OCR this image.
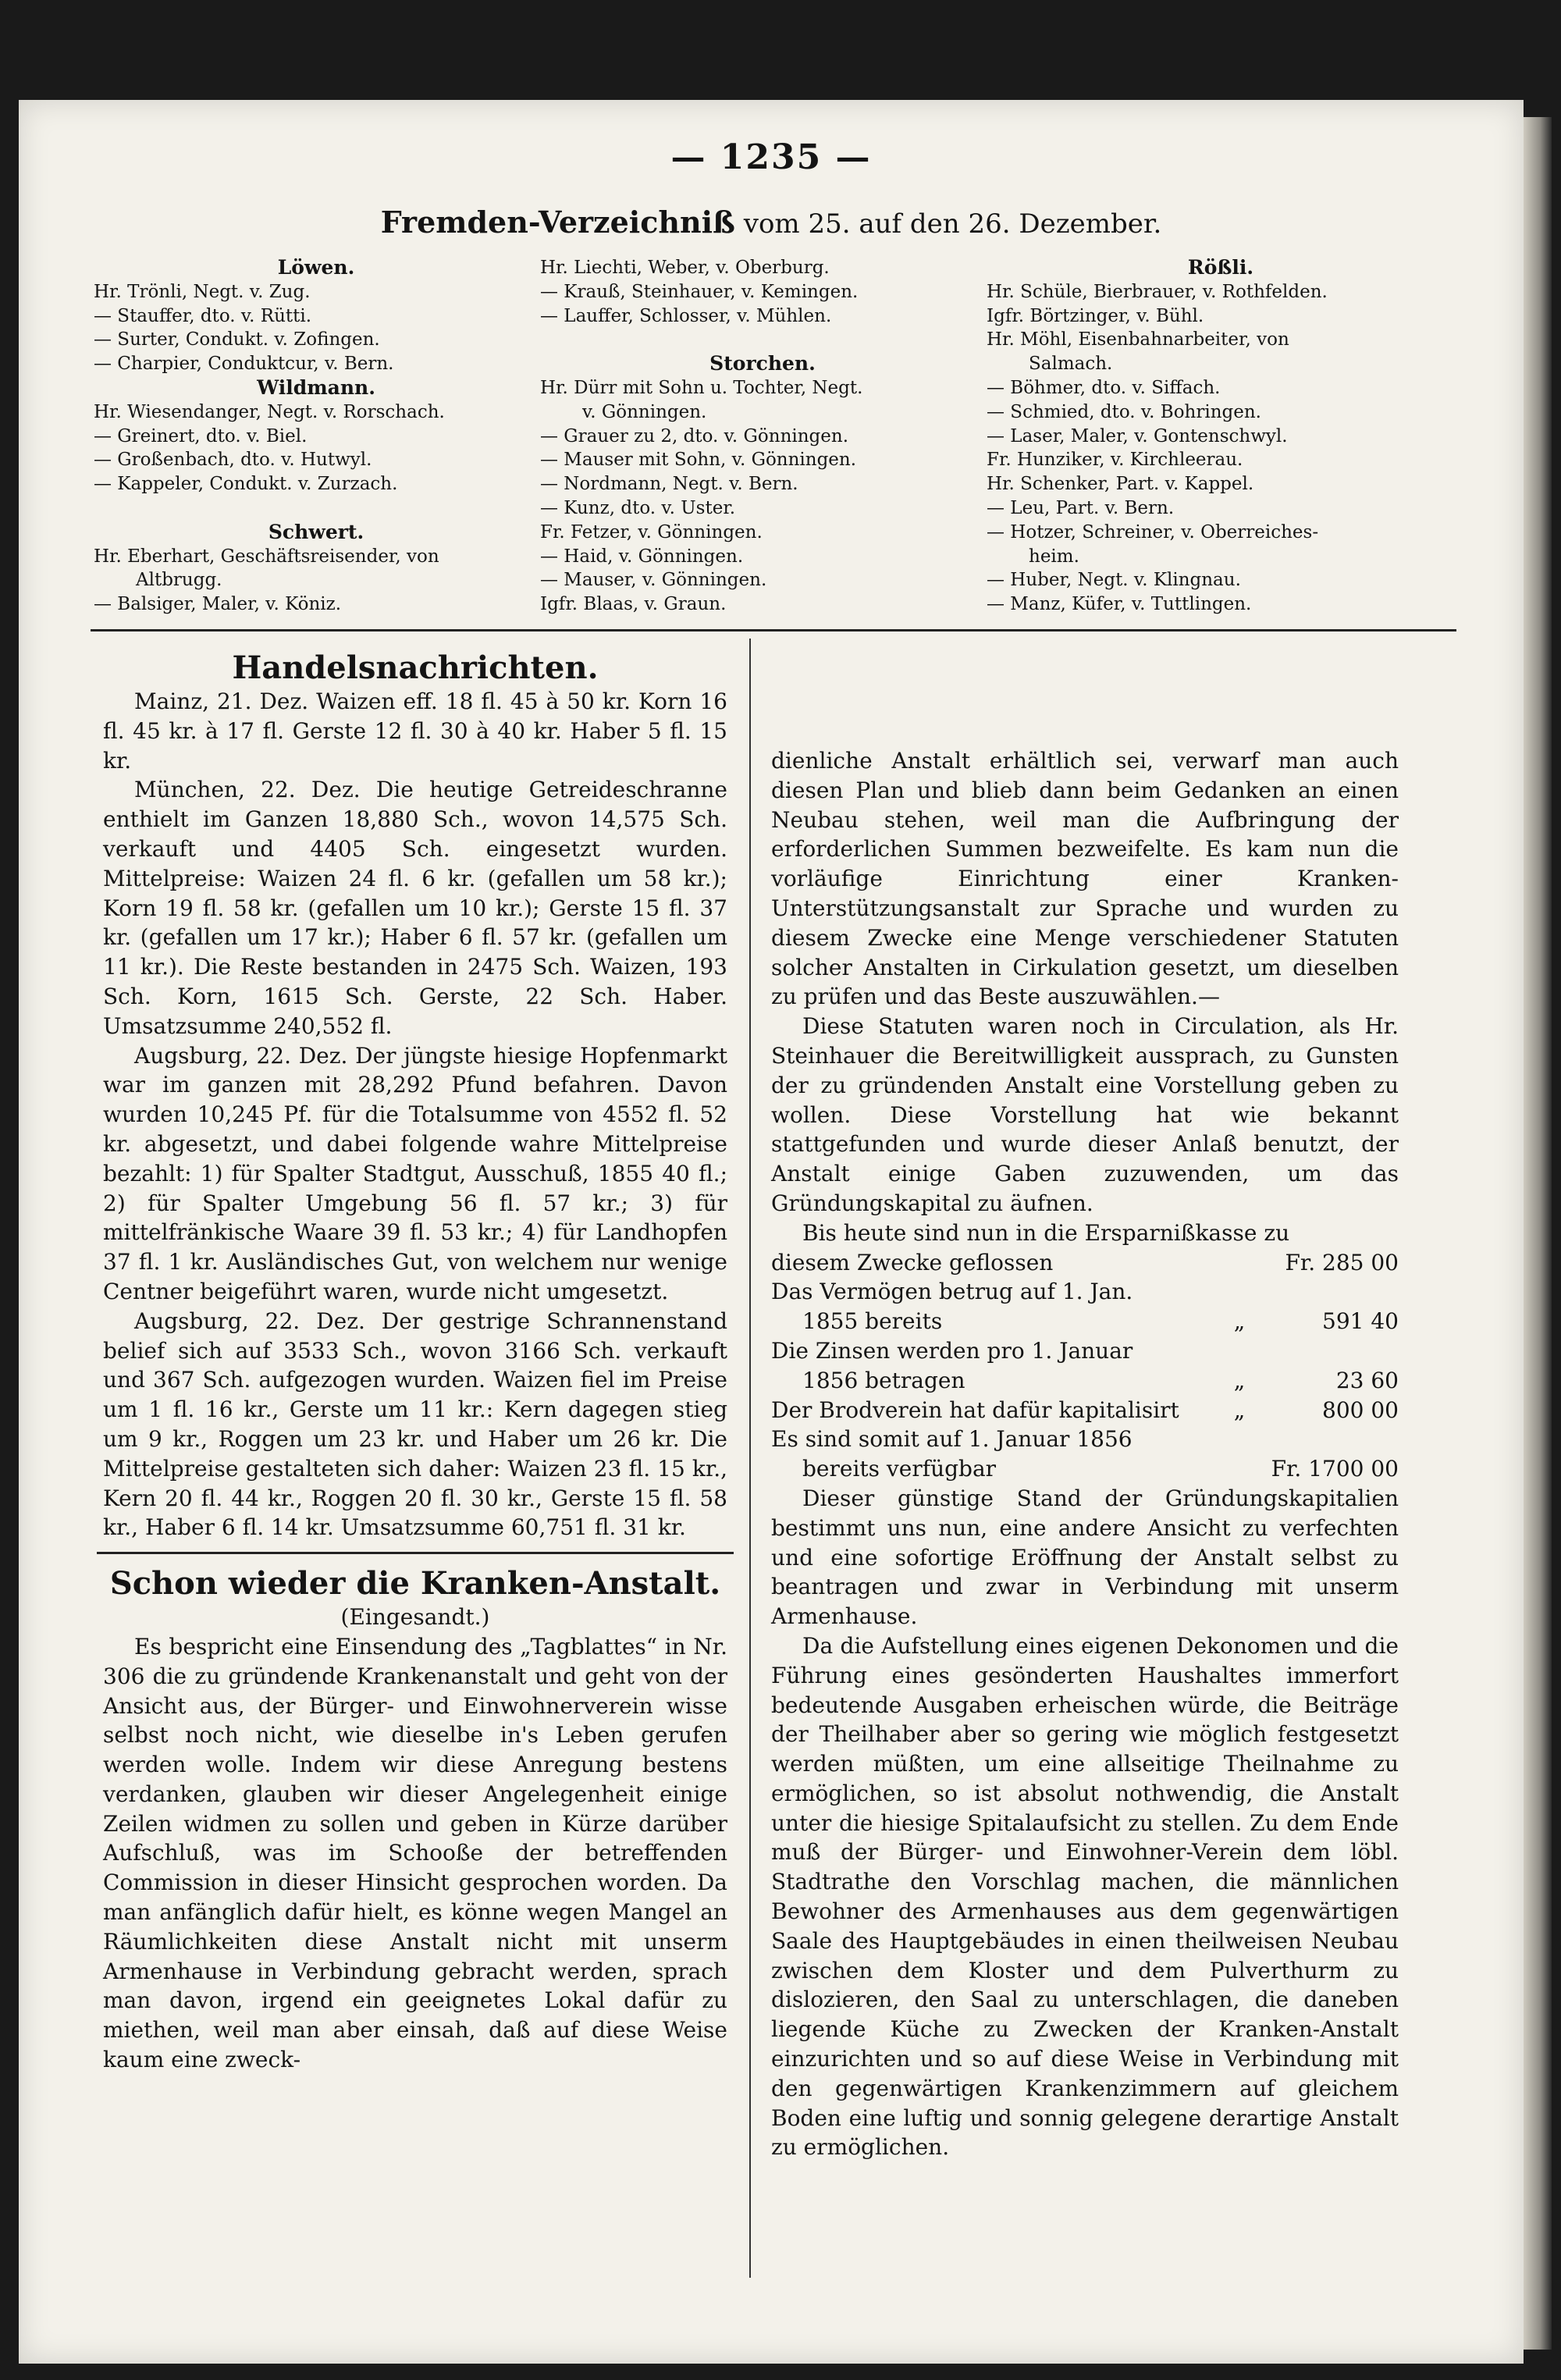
— 1235 —
Fremden-Verzeichniß vom 25. auf den 26. Dezember.
Löwen.
Hr. Trönli, Negt. v. Zug.
— Stauffer, dto. v. Rütti.
— Surter, Condukt. v. Zofingen.
— Charpier, Conduktcur, v. Bern.
Wildmann.
Hr. Wiesendanger, Negt. v. Rorschach.
— Greinert, dto. v. Biel.
— Großenbach, dto. v. Hutwyl.
— Kappeler, Condukt. v. Zurzach.

Schwert.
Hr. Eberhart, Geschäftsreisender, von
Altbrugg.
— Balsiger, Maler, v. Köniz.
Hr. Liechti, Weber, v. Oberburg.
— Krauß, Steinhauer, v. Kemingen.
— Lauffer, Schlosser, v. Mühlen.

Storchen.
Hr. Dürr mit Sohn u. Tochter, Negt.
v. Gönningen.
— Grauer zu 2, dto. v. Gönningen.
— Mauser mit Sohn, v. Gönningen.
— Nordmann, Negt. v. Bern.
— Kunz, dto. v. Uster.
Fr. Fetzer, v. Gönningen.
— Haid, v. Gönningen.
— Mauser, v. Gönningen.
Igfr. Blaas, v. Graun.
Rößli.
Hr. Schüle, Bierbrauer, v. Rothfelden.
Igfr. Börtzinger, v. Bühl.
Hr. Möhl, Eisenbahnarbeiter, von
Salmach.
— Böhmer, dto. v. Siffach.
— Schmied, dto. v. Bohringen.
— Laser, Maler, v. Gontenschwyl.
Fr. Hunziker, v. Kirchleerau.
Hr. Schenker, Part. v. Kappel.
— Leu, Part. v. Bern.
— Hotzer, Schreiner, v. Oberreiches-
heim.
— Huber, Negt. v. Klingnau.
— Manz, Küfer, v. Tuttlingen.
Handelsnachrichten.

Mainz, 21. Dez. Waizen eff. 18 fl. 45 à 50 kr. Korn 16 fl. 45 kr. à 17 fl. Gerste 12 fl. 30 à 40 kr. Haber 5 fl. 15 kr.

München, 22. Dez. Die heutige Getreideschranne enthielt im Ganzen 18,880 Sch., wovon 14,575 Sch. verkauft und 4405 Sch. eingesetzt wurden. Mittelpreise: Waizen 24 fl. 6 kr. (gefallen um 58 kr.); Korn 19 fl. 58 kr. (gefallen um 10 kr.); Gerste 15 fl. 37 kr. (gefallen um 17 kr.); Haber 6 fl. 57 kr. (gefallen um 11 kr.). Die Reste bestanden in 2475 Sch. Waizen, 193 Sch. Korn, 1615 Sch. Gerste, 22 Sch. Haber. Umsatzsumme 240,552 fl.

Augsburg, 22. Dez. Der jüngste hiesige Hopfenmarkt war im ganzen mit 28,292 Pfund befahren. Davon wurden 10,245 Pf. für die Totalsumme von 4552 fl. 52 kr. abgesetzt, und dabei folgende wahre Mittelpreise bezahlt: 1) für Spalter Stadtgut, Ausschuß, 1855 40 fl.; 2) für Spalter Umgebung 56 fl. 57 kr.; 3) für mittelfränkische Waare 39 fl. 53 kr.; 4) für Landhopfen 37 fl. 1 kr. Ausländisches Gut, von welchem nur wenige Centner beigeführt waren, wurde nicht umgesetzt.

Augsburg, 22. Dez. Der gestrige Schrannenstand belief sich auf 3533 Sch., wovon 3166 Sch. verkauft und 367 Sch. aufgezogen wurden. Waizen fiel im Preise um 1 fl. 16 kr., Gerste um 11 kr.: Kern dagegen stieg um 9 kr., Roggen um 23 kr. und Haber um 26 kr. Die Mittelpreise gestalteten sich daher: Waizen 23 fl. 15 kr., Kern 20 fl. 44 kr., Roggen 20 fl. 30 kr., Gerste 15 fl. 58 kr., Haber 6 fl. 14 kr. Umsatzsumme 60,751 fl. 31 kr.

Schon wieder die Kranken-Anstalt.
(Eingesandt.)

Es bespricht eine Einsendung des „Tagblattes“ in Nr. 306 die zu gründende Krankenanstalt und geht von der Ansicht aus, der Bürger- und Einwohnerverein wisse selbst noch nicht, wie dieselbe in's Leben gerufen werden wolle. Indem wir diese Anregung bestens verdanken, glauben wir dieser Angelegenheit einige Zeilen widmen zu sollen und geben in Kürze darüber Aufschluß, was im Schooße der betreffenden Commission in dieser Hinsicht gesprochen worden. Da man anfänglich dafür hielt, es könne wegen Mangel an Räumlichkeiten diese Anstalt nicht mit unserm Armenhause in Verbindung gebracht werden, sprach man davon, irgend ein geeignetes Lokal dafür zu miethen, weil man aber einsah, daß auf diese Weise kaum eine zweck-

dienliche Anstalt erhältlich sei, verwarf man auch diesen Plan und blieb dann beim Gedanken an einen Neubau stehen, weil man die Aufbringung der erforderlichen Summen bezweifelte. Es kam nun die vorläufige Einrichtung einer Kranken-Unterstützungsanstalt zur Sprache und wurden zu diesem Zwecke eine Menge verschiedener Statuten solcher Anstalten in Cirkulation gesetzt, um dieselben zu prüfen und das Beste auszuwählen.—

Diese Statuten waren noch in Circulation, als Hr. Steinhauer die Bereitwilligkeit aussprach, zu Gunsten der zu gründenden Anstalt eine Vorstellung geben zu wollen. Diese Vorstellung hat wie bekannt stattgefunden und wurde dieser Anlaß benutzt, der Anstalt einige Gaben zuzuwenden, um das Gründungskapital zu äufnen.

Bis heute sind nun in die Ersparnißkasse zu

diesem Zwecke geflossen	Fr. 285 00
Das Vermögen betrug auf 1. Jan.
1855 bereits	„	591 40
Die Zinsen werden pro 1. Januar
1856 betragen	„	23 60
Der Brodverein hat dafür kapitalisirt	„	800 00
Es sind somit auf 1. Januar 1856
bereits verfügbar	Fr. 1700 00

Dieser günstige Stand der Gründungskapitalien bestimmt uns nun, eine andere Ansicht zu verfechten und eine sofortige Eröffnung der Anstalt selbst zu beantragen und zwar in Verbindung mit unserm Armenhause.

Da die Aufstellung eines eigenen Dekonomen und die Führung eines gesönderten Haushaltes immerfort bedeutende Ausgaben erheischen würde, die Beiträge der Theilhaber aber so gering wie möglich festgesetzt werden müßten, um eine allseitige Theilnahme zu ermöglichen, so ist absolut nothwendig, die Anstalt unter die hiesige Spitalaufsicht zu stellen. Zu dem Ende muß der Bürger- und Einwohner-Verein dem löbl. Stadtrathe den Vorschlag machen, die männlichen Bewohner des Armenhauses aus dem gegenwärtigen Saale des Hauptgebäudes in einen theilweisen Neubau zwischen dem Kloster und dem Pulverthurm zu dislozieren, den Saal zu unterschlagen, die daneben liegende Küche zu Zwecken der Kranken-Anstalt einzurichten und so auf diese Weise in Verbindung mit den gegenwärtigen Krankenzimmern auf gleichem Boden eine luftig und sonnig gelegene derartige Anstalt zu ermöglichen.
